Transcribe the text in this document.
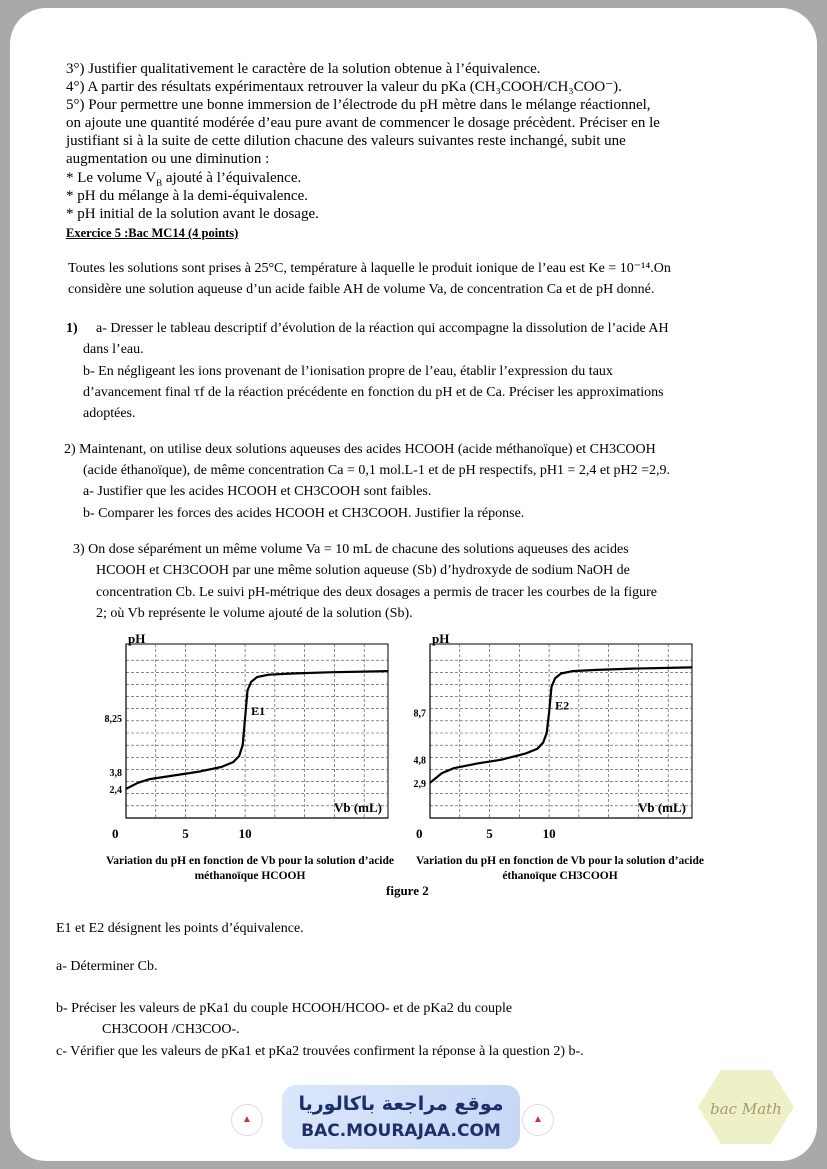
3°) Justifier qualitativement le caractère de la solution obtenue à l’équivalence.
4°) A partir des résultats expérimentaux retrouver la valeur du pKa (CH₃COOH/CH₃COO⁻).
5°) Pour permettre une bonne immersion de l’électrode du pH mètre dans le mélange réactionnel,
on ajoute une quantité modérée d’eau pure avant de commencer le dosage précèdent. Préciser en le
justifiant si à la suite de cette dilution chacune des valeurs suivantes reste inchangé, subit une
augmentation ou une diminution :
* Le volume $V_B$ ajouté à l’équivalence.
* pH du mélange à la demi-équivalence.
* pH initial de la solution avant le dosage.
Exercice 5 :Bac MC14 (4 points)
Toutes les solutions sont prises à 25°C, température à laquelle le produit ionique de l’eau est Ke = 10⁻¹⁴.On
considère une solution aqueuse d’un acide faible AH de volume Va, de concentration Ca et de pH donné.
1) a- Dresser le tableau descriptif d’évolution de la réaction qui accompagne la dissolution de l’acide AH
dans l’eau.
b- En négligeant les ions provenant de l’ionisation propre de l’eau, établir l’expression du taux
d’avancement final τf de la réaction précédente en fonction du pH et de Ca. Préciser les approximations
adoptées.
2) Maintenant, on utilise deux solutions aqueuses des acides HCOOH (acide méthanoïque) et CH3COOH
(acide éthanoïque), de même concentration Ca = 0,1 mol.L-1 et de pH respectifs, pH1 = 2,4 et pH2 =2,9.
a- Justifier que les acides HCOOH et CH3COOH sont faibles.
b- Comparer les forces des acides HCOOH et CH3COOH. Justifier la réponse.
3) On dose séparément un même volume Va = 10 mL de chacune des solutions aqueuses des acides
HCOOH et CH3COOH par une même solution aqueuse (Sb) d’hydroxyde de sodium NaOH de
concentration Cb. Le suivi pH-métrique des deux dosages a permis de tracer les courbes de la figure
2; où Vb représente le volume ajouté de la solution (Sb).
pH
Vb (mL)
0	5	10
2,4
3,8
8,25
E1
pH
Vb (mL)
0	5	10
2,9
4,8
8,7
E2
Variation du pH en fonction de Vb pour la solution d’acide méthanoïque HCOOH
Variation du pH en fonction de Vb pour la solution d’acide éthanoïque CH3COOH
figure 2
E1 et E2 désignent les points d’équivalence.
a- Déterminer Cb.
b- Préciser les valeurs de pKa1 du couple HCOOH/HCOO- et de pKa2 du couple
CH3COOH /CH3COO-.
c- Vérifier que les valeurs de pKa1 et pKa2 trouvées confirment la réponse à la question 2) b-.
▲	▲
موقع مراجعة باكالوريا
BAC.MOURAJAA.COM
bac Math
